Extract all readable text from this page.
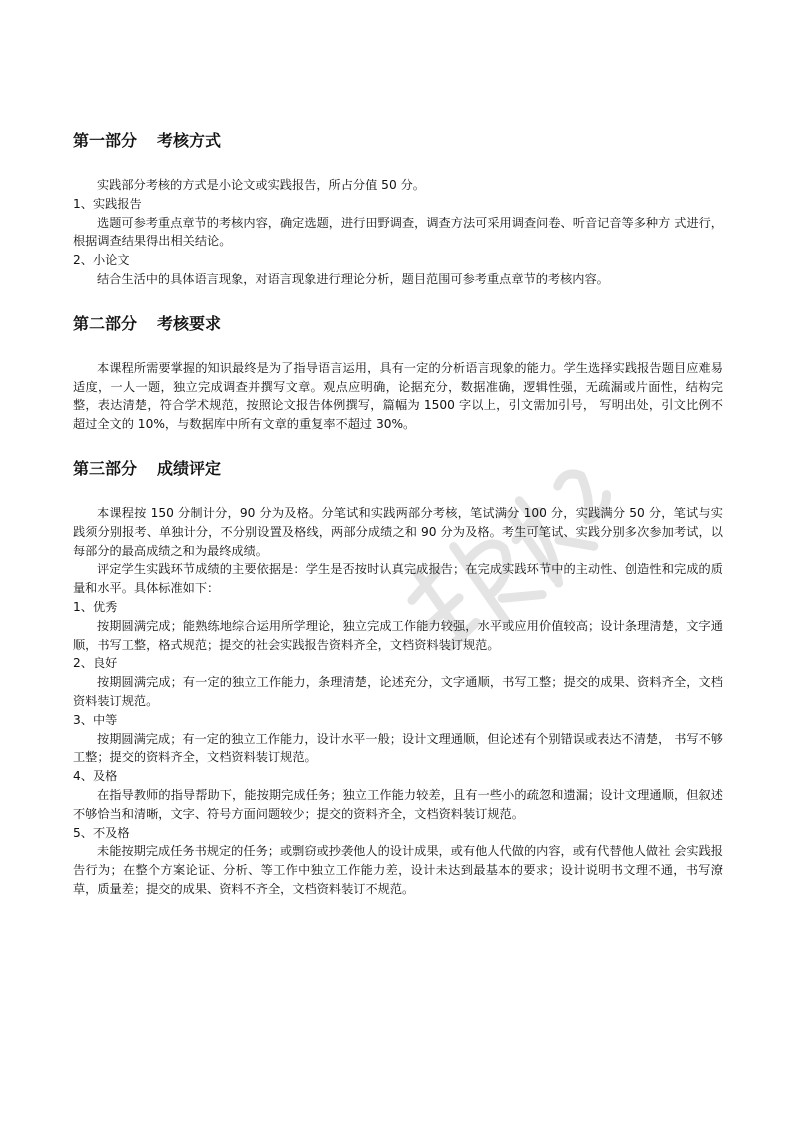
第一部分 考核方式

实践部分考核的方式是小论文或实践报告，所占分值 50 分。

1、实践报告

选题可参考重点章节的考核内容，确定选题，进行田野调查，调查方法可采用调查问卷、听音记音等多种方 式进行，根据调查结果得出相关结论。

2、小论文

结合生活中的具体语言现象，对语言现象进行理论分析，题目范围可参考重点章节的考核内容。

第二部分 考核要求

本课程所需要掌握的知识最终是为了指导语言运用，具有一定的分析语言现象的能力。学生选择实践报告题目应难易适度，一人一题，独立完成调查并撰写文章。观点应明确，论据充分，数据准确，逻辑性强，无疏漏或片面性，结构完整，表达清楚，符合学术规范，按照论文报告体例撰写，篇幅为 1500 字以上，引文需加引号， 写明出处，引文比例不超过全文的 10%，与数据库中所有文章的重复率不超过 30%。

第三部分 成绩评定

本课程按 150 分制计分，90 分为及格。分笔试和实践两部分考核，笔试满分 100 分，实践满分 50 分，笔试与实践须分别报考、单独计分，不分别设置及格线，两部分成绩之和 90 分为及格。考生可笔试、实践分别多次参加考试，以每部分的最高成绩之和为最终成绩。

评定学生实践环节成绩的主要依据是：学生是否按时认真完成报告；在完成实践环节中的主动性、创造性和完成的质量和水平。具体标准如下：

1、优秀

按期圆满完成；能熟练地综合运用所学理论，独立完成工作能力较强，水平或应用价值较高；设计条理清楚，文字通顺，书写工整，格式规范；提交的社会实践报告资料齐全，文档资料装订规范。

2、良好

按期圆满完成；有一定的独立工作能力，条理清楚，论述充分，文字通顺，书写工整；提交的成果、资料齐全，文档资料装订规范。

3、中等

按期圆满完成；有一定的独立工作能力，设计水平一般；设计文理通顺，但论述有个别错误或表达不清楚， 书写不够工整；提交的资料齐全，文档资料装订规范。

4、及格

在指导教师的指导帮助下，能按期完成任务；独立工作能力较差，且有一些小的疏忽和遗漏；设计文理通顺，但叙述不够恰当和清晰，文字、符号方面问题较少；提交的资料齐全，文档资料装订规范。

5、不及格

未能按期完成任务书规定的任务；或剽窃或抄袭他人的设计成果，或有他人代做的内容，或有代替他人做社 会实践报告行为；在整个方案论证、分析、等工作中独立工作能力差，设计未达到最基本的要求；设计说明书文理不通，书写潦草，质量差；提交的成果、资料不齐全，文档资料装订不规范。
